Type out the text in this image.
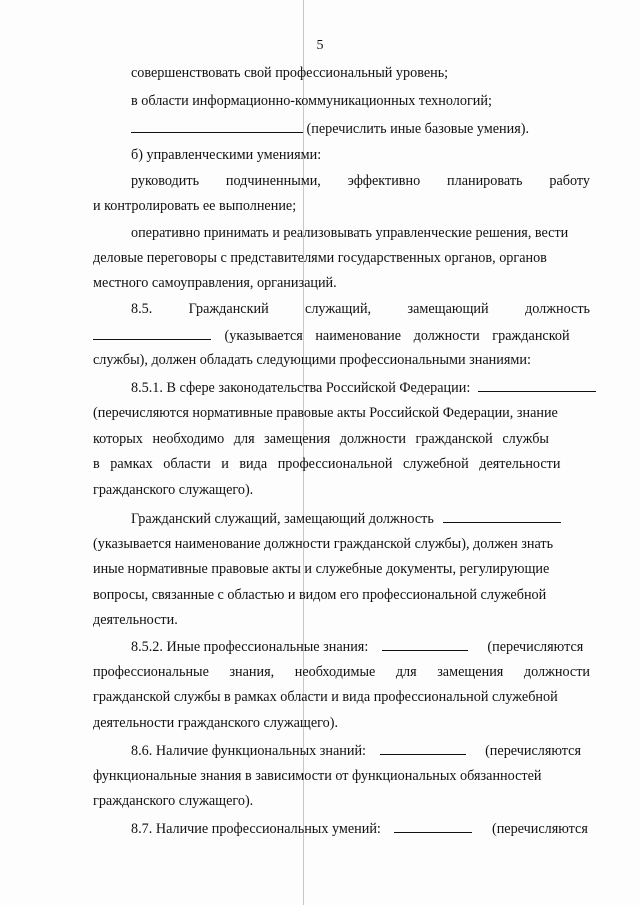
5
совершенствовать свой профессиональный уровень;
в области информационно-коммуникационных технологий;
(перечислить иные базовые умения).
б) управленческими умениями:
руководить подчиненными, эффективно планировать работу
и контролировать ее выполнение;
оперативно принимать и реализовывать управленческие решения, вести
деловые переговоры с представителями государственных органов, органов
местного самоуправления, организаций.
8.5.	Гражданский	служащий,	замещающий	должность
(указывается наименование должности гражданской
службы), должен обладать следующими профессиональными знаниями:
8.5.1. В сфере законодательства Российской Федерации:
(перечисляются нормативные правовые акты Российской Федерации, знание
которых необходимо для замещения должности гражданской службы
в рамках области и вида профессиональной служебной деятельности
гражданского служащего).
Гражданский служащий, замещающий должность
(указывается наименование должности гражданской службы), должен знать
иные нормативные правовые акты и служебные документы, регулирующие
вопросы, связанные с областью и видом его профессиональной служебной
деятельности.
8.5.2. Иные профессиональные знания:	(перечисляются
профессиональные знания, необходимые для замещения должности
гражданской службы в рамках области и вида профессиональной служебной
деятельности гражданского служащего).
8.6. Наличие функциональных знаний:	(перечисляются
функциональные знания в зависимости от функциональных обязанностей
гражданского служащего).
8.7. Наличие профессиональных умений:	(перечисляются
